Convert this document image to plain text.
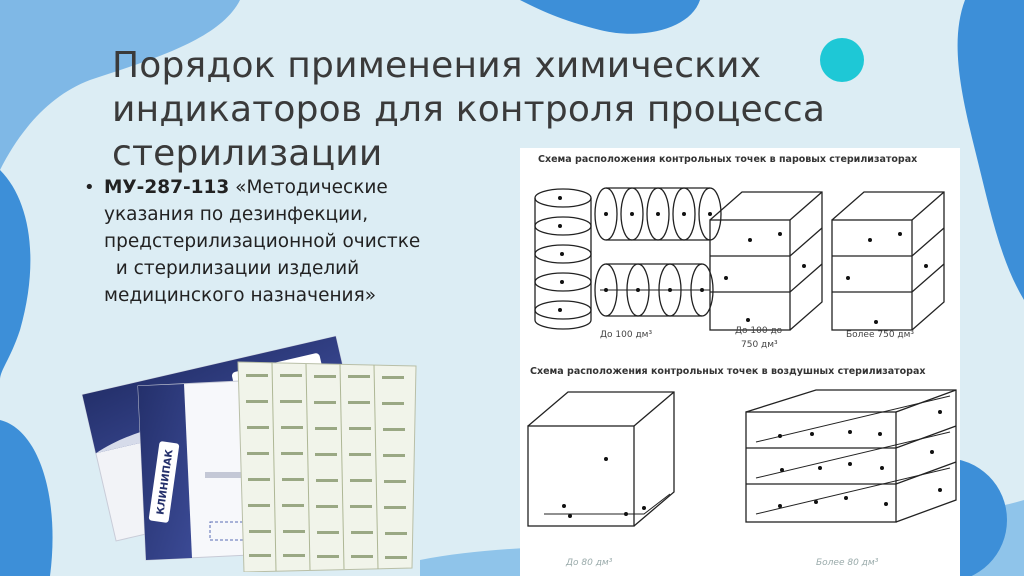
Порядок применения химических
индикаторов для контроля процесса
стерилизации
• МУ-287-113 «Методические
указания по дезинфекции,
предстерилизационной очистке
и стерилизации изделий
медицинского назначения»
КЛИНИПАК
Схема расположения контрольных точек в паровых стерилизаторах
До 100 дм³	До 100 до
750 дм³
Более 750 дм³
Схема расположения контрольных точек в воздушных стерилизаторах
До 80 дм³	Более 80 дм³
